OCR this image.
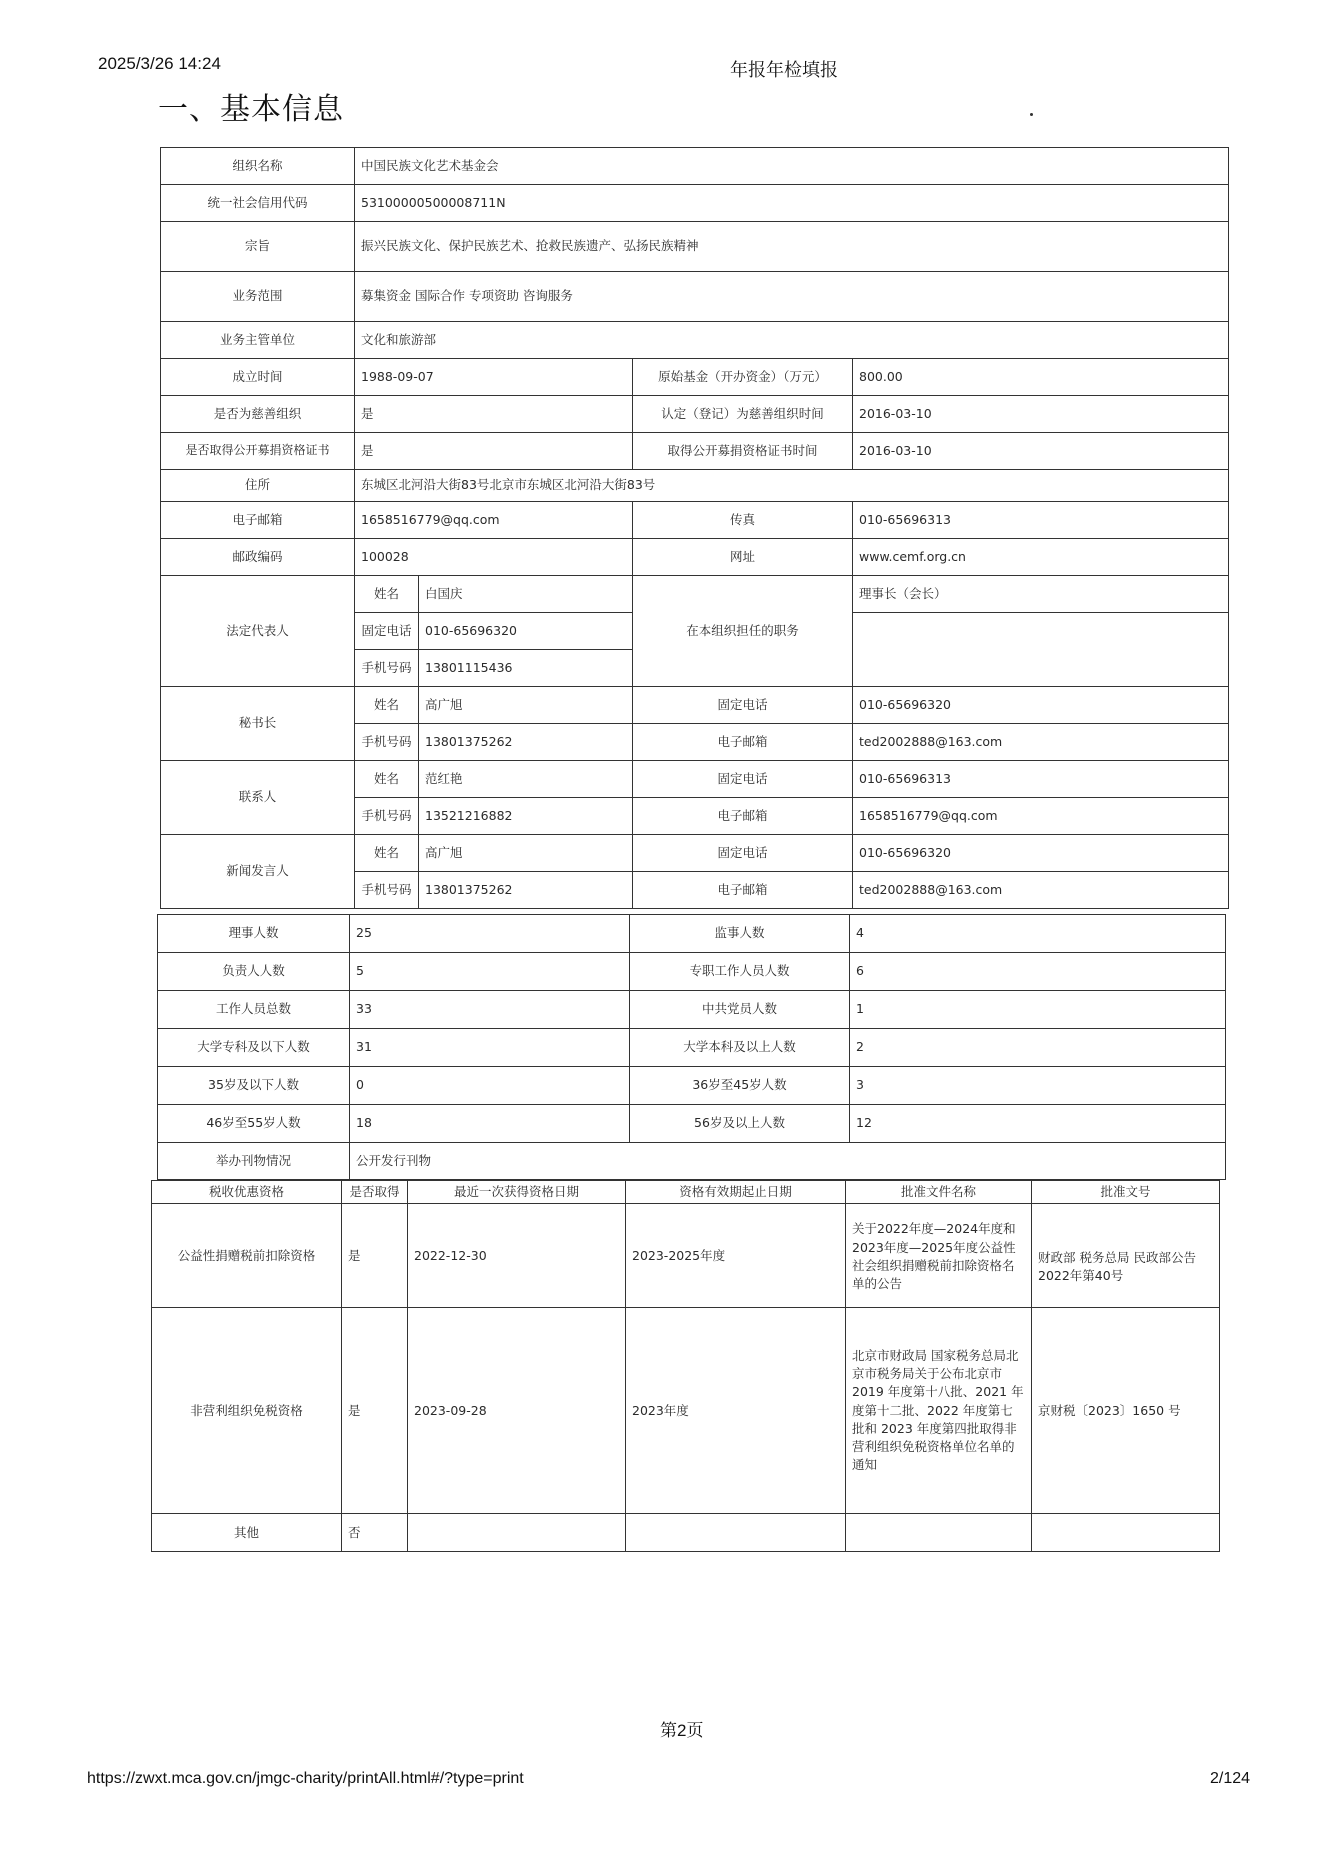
2025/3/26 14:24	年报年检填报
一、基本信息
组织名称	中国民族文化艺术基金会			
统一社会信用代码	53100000500008711N			
宗旨	振兴民族文化、保护民族艺术、抢救民族遗产、弘扬民族精神			
业务范围	募集资金 国际合作 专项资助 咨询服务			
业务主管单位	文化和旅游部			
成立时间	1988-09-07		原始基金（开办资金）（万元）	800.00
是否为慈善组织	是		认定（登记）为慈善组织时间	2016-03-10
是否取得公开募捐资格证书	是		取得公开募捐资格证书时间	2016-03-10
住所	东城区北河沿大街83号北京市东城区北河沿大街83号			
电子邮箱	1658516779@qq.com		传真	010-65696313
邮政编码	100028		网址	www.cemf.org.cn
法定代表人	姓名	白国庆	在本组织担任的职务	理事长（会长）
	固定电话	010-65696320		
	手机号码	13801115436		
秘书长	姓名	高广旭	固定电话	010-65696320
	手机号码	13801375262	电子邮箱	ted2002888@163.com
联系人	姓名	范红艳	固定电话	010-65696313
	手机号码	13521216882	电子邮箱	1658516779@qq.com
新闻发言人	姓名	高广旭	固定电话	010-65696320
	手机号码	13801375262	电子邮箱	ted2002888@163.com
理事人数	25	监事人数	4
负责人人数	5	专职工作人员人数	6
工作人员总数	33	中共党员人数	1
大学专科及以下人数	31	大学本科及以上人数	2
35岁及以下人数	0	36岁至45岁人数	3
46岁至55岁人数	18	56岁及以上人数	12
举办刊物情况	公开发行刊物		
税收优惠资格	是否取得	最近一次获得资格日期	资格有效期起止日期	批准文件名称	批准文号
公益性捐赠税前扣除资格	是	2022-12-30	2023-2025年度	关于2022年度—2024年度和2023年度—2025年度公益性社会组织捐赠税前扣除资格名单的公告	财政部 税务总局 民政部公告 2022年第40号
非营利组织免税资格	是	2023-09-28	2023年度	北京市财政局 国家税务总局北京市税务局关于公布北京市 2019 年度第十八批、2021 年度第十二批、2022 年度第七批和 2023 年度第四批取得非营利组织免税资格单位名单的通知	京财税〔2023〕1650 号
其他	否				
第2页
https://zwxt.mca.gov.cn/jmgc-charity/printAll.html#/?type=print	2/124
